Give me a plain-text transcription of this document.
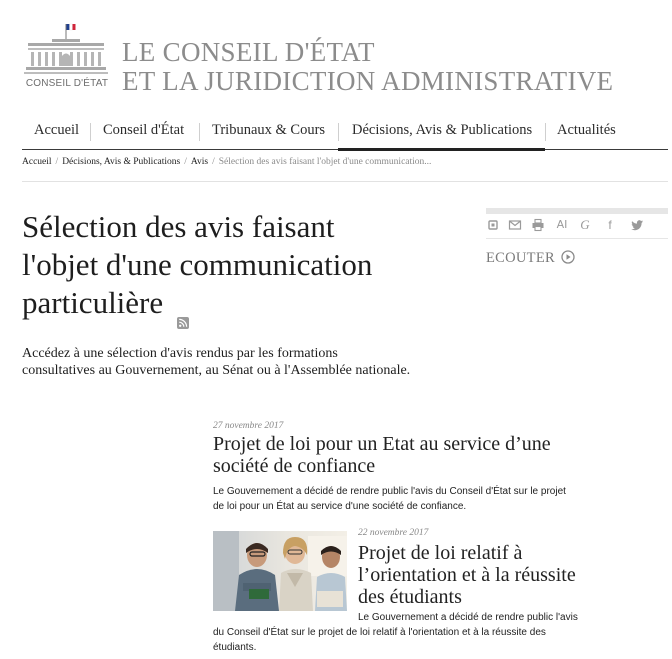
CONSEIL D'ÉTAT
LE CONSEIL D'ÉTAT
ET LA JURIDICTION ADMINISTRATIVE
Accueil Conseil d'État Tribunaux & Cours Décisions, Avis & Publications Actualités
Accueil / Décisions, Avis & Publications / Avis / Sélection des avis faisant l'objet d'une communication...
Sélection des avis faisant
l'objet d'une communication
particulière
AI G	f
ECOUTER
Accédez à une sélection d'avis rendus par les formations consultatives au Gouvernement, au Sénat ou à l'Assemblée nationale.
27 novembre 2017
Projet de loi pour un Etat au service d’une
société de confiance
Le Gouvernement a décidé de rendre public l'avis du Conseil d'État sur le projet
de loi pour un État au service d'une société de confiance.
22 novembre 2017
Projet de loi relatif à
l’orientation et à la réussite
des étudiants
Le Gouvernement a décidé de rendre public l'avis
du Conseil d'État sur le projet de loi relatif à l'orientation et à la réussite des
étudiants.
